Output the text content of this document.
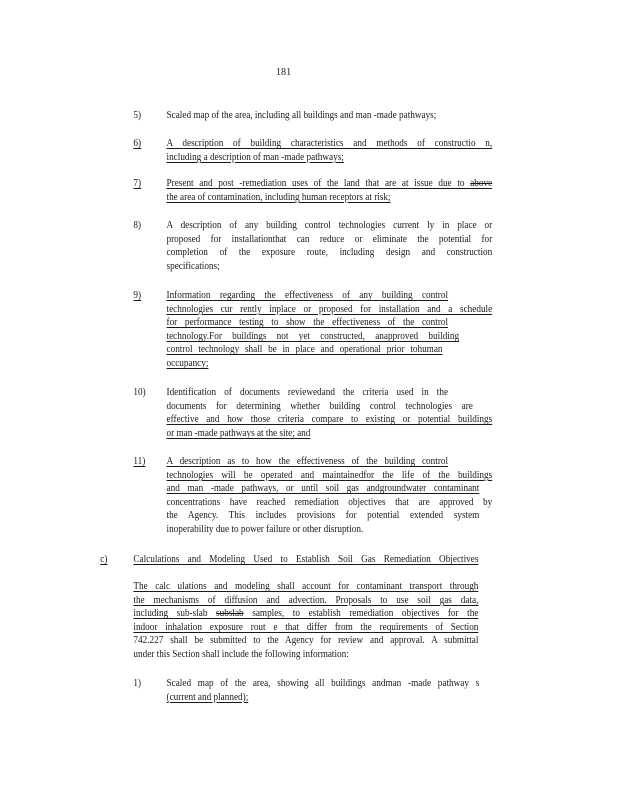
181
5)	Scaled map of the area, including all buildings and man -made pathways;
6)	A description of building characteristics and methods of constructio n,
including a description of man -made pathways;
7)	Present and post -remediation uses of the land that are at issue due to above
the area of contamination, including human receptors at risk;
8)	A description of any building control technologies current ly in place or
proposed for installationthat can reduce or eliminate the potential for
completion of the exposure route, including design and construction
specifications;
9)	Information regarding the effectiveness of any building control
technologies cur rently inplace or proposed for installation and a schedule
for performance testing to show the effectiveness of the control
technology.For buildings not yet constructed, anapproved building
control technology shall be in place and operational prior tohuman
occupancy;
10) Identification of documents reviewedand the criteria used in the
documents for determining whether building control technologies are
effective and how those criteria compare to existing or potential buildings
or man -made pathways at the site; and
11) A description as to how the effectiveness of the building control
technologies will be operated and maintainedfor the life of the buildings
and man -made pathways, or until soil gas andgroundwater contaminant
concentrations have reached remediation objectives that are approved by
the Agency. This includes provisions for potential extended system
inoperability due to power failure or other disruption.
c)	Calculations and Modeling Used to Establish Soil Gas Remediation Objectives
The calc ulations and modeling shall account for contaminant transport through
the mechanisms of diffusion and advection. Proposals to use soil gas data,
including sub-slab subslab samples, to establish remediation objectives for the
indoor inhalation exposure rout e that differ from the requirements of Section
742.227 shall be submitted to the Agency for review and approval. A submittal
under this Section shall include the following information:
1)	Scaled map of the area, showing all buildings andman -made pathway s
(current and planned);
